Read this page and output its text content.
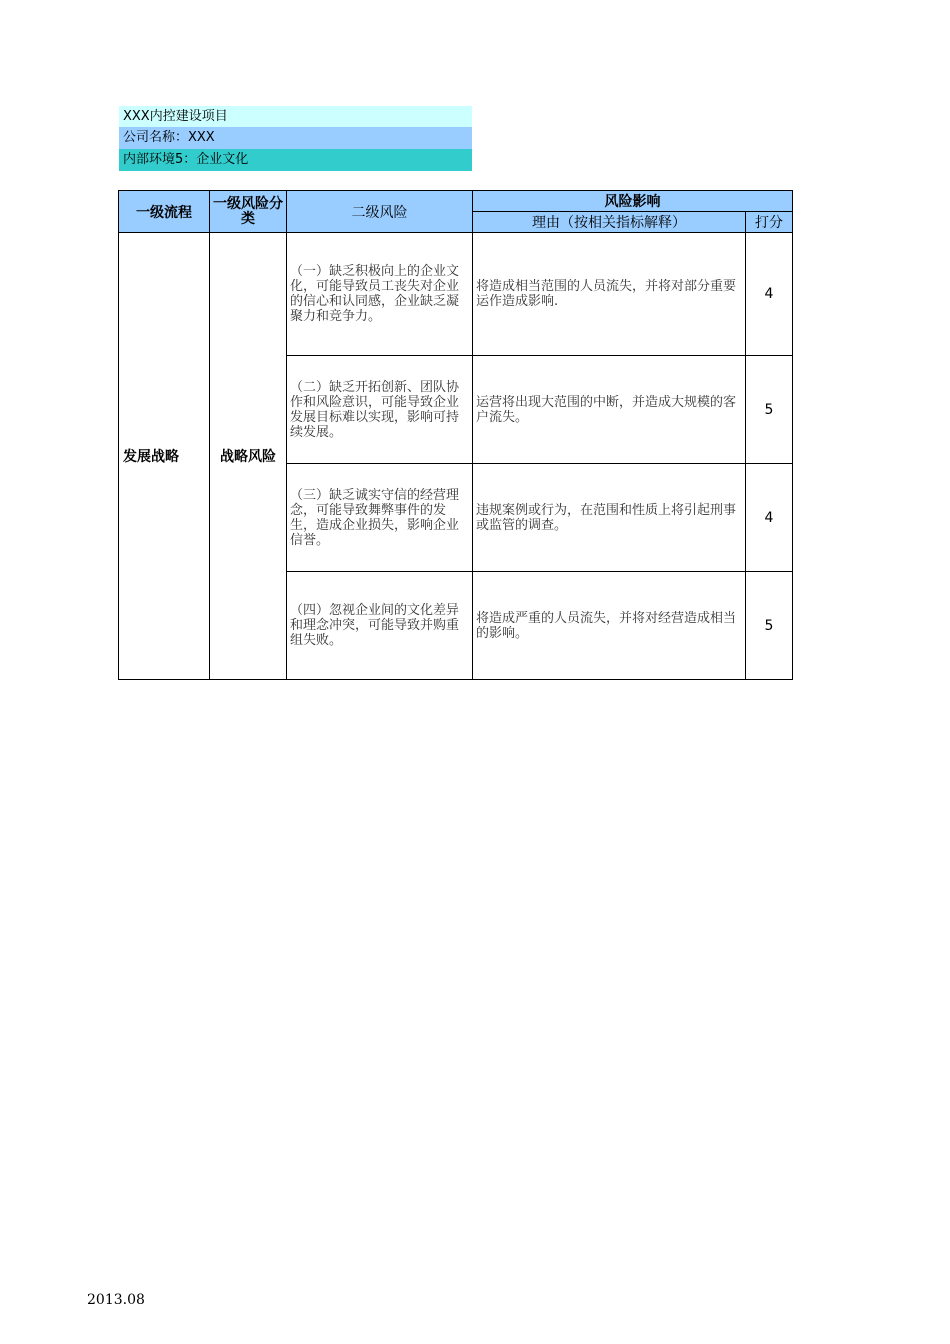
XXX内控建设项目
公司名称：XXX
内部环境5：企业文化
一级流程	一级风险分类	二级风险	风险影响	
			理由（按相关指标解释）	打分
发展战略	战略风险	（一）缺乏积极向上的企业文化，可能导致员工丧失对企业的信心和认同感，企业缺乏凝聚力和竞争力。	将造成相当范围的人员流失，并将对部分重要运作造成影响.	4
		（二）缺乏开拓创新、团队协作和风险意识，可能导致企业发展目标难以实现，影响可持续发展。	运营将出现大范围的中断，并造成大规模的客户流失。	5
		（三）缺乏诚实守信的经营理念，可能导致舞弊事件的发生，造成企业损失，影响企业信誉。	违规案例或行为，在范围和性质上将引起刑事或监管的调查。	4
		（四）忽视企业间的文化差异和理念冲突，可能导致并购重组失败。	将造成严重的人员流失，并将对经营造成相当的影响。	5
2013.08
